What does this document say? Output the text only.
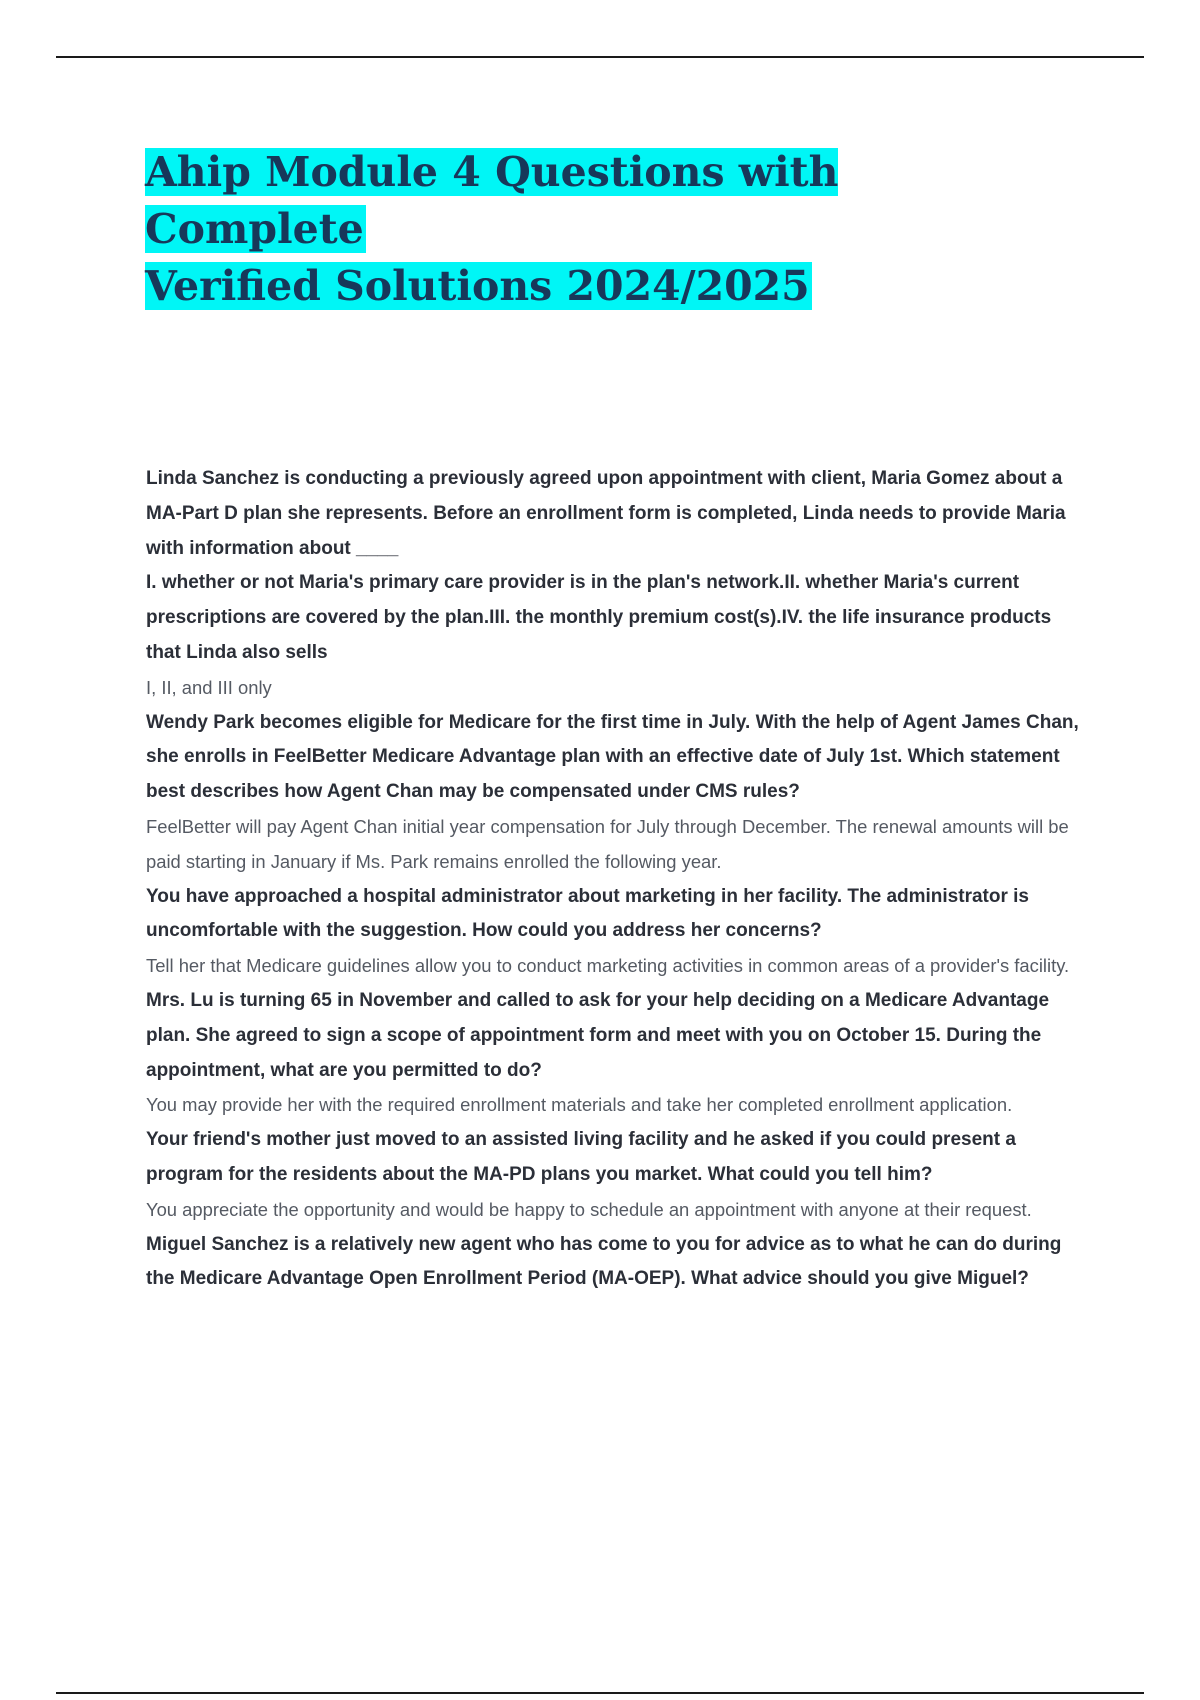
Ahip Module 4 Questions with Complete
Verified Solutions 2024/2025

Linda Sanchez is conducting a previously agreed upon appointment with client, Maria Gomez about a MA-Part D plan she represents. Before an enrollment form is completed, Linda needs to provide Maria with information about ____
I. whether or not Maria's primary care provider is in the plan's network.II. whether Maria's current prescriptions are covered by the plan.III. the monthly premium cost(s).IV. the life insurance products that Linda also sells

I, II, and III only

Wendy Park becomes eligible for Medicare for the first time in July. With the help of Agent James Chan, she enrolls in FeelBetter Medicare Advantage plan with an effective date of July 1st. Which statement best describes how Agent Chan may be compensated under CMS rules?

FeelBetter will pay Agent Chan initial year compensation for July through December. The renewal amounts will be paid starting in January if Ms. Park remains enrolled the following year.

You have approached a hospital administrator about marketing in her facility. The administrator is uncomfortable with the suggestion. How could you address her concerns?

Tell her that Medicare guidelines allow you to conduct marketing activities in common areas of a provider's facility.

Mrs. Lu is turning 65 in November and called to ask for your help deciding on a Medicare Advantage plan. She agreed to sign a scope of appointment form and meet with you on October 15. During the appointment, what are you permitted to do?

You may provide her with the required enrollment materials and take her completed enrollment application.

Your friend's mother just moved to an assisted living facility and he asked if you could present a program for the residents about the MA-PD plans you market. What could you tell him?

You appreciate the opportunity and would be happy to schedule an appointment with anyone at their request.

Miguel Sanchez is a relatively new agent who has come to you for advice as to what he can do during the Medicare Advantage Open Enrollment Period (MA-OEP). What advice should you give Miguel?
